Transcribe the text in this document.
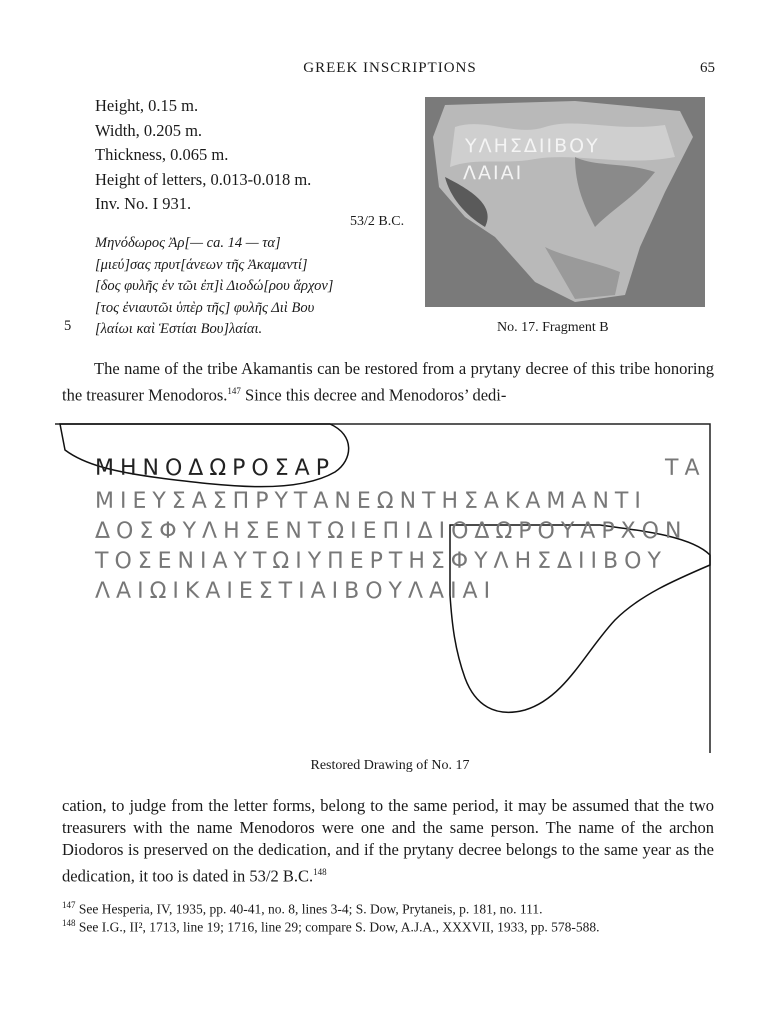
GREEK INSCRIPTIONS	65
Height, 0.15 m.
Width, 0.205 m.
Thickness, 0.065 m.
Height of letters, 0.013-0.018 m.
Inv. No. I 931.
53/2 B.C.
Μηνόδωρος Ἀρ[— ca. 14 — τα]
[μιεύ]σας πρυτ[άνεων τῆς Ἀκαμαντί]
[δος φυλῆς ἐν τῶι ἐπ]ὶ Διοδώ[ρου ἄρχον]
[τος ἐνιαυτῶι ὑπὲρ τῆς] φυλῆς Διὶ Βου
[λαίωι καὶ Ἑστίαι Βου]λαίαι.
5
ΥΛΗΣΔΙΙΒΟΥ
ΛΑΙΑΙ
No. 17. Fragment B
The name of the tribe Akamantis can be restored from a prytany decree of this tribe honoring the treasurer Menodoros.$^{147}$ Since this decree and Menodoros’ dedi-
ΜΗΝΟΔΩΡΟΣΑΡ	ΤΑ
ΜΙΕΥΣΑΣΠΡΥΤΑΝΕΩΝΤΗΣΑΚΑΜΑΝΤΙ
ΔΟΣΦΥΛΗΣΕΝΤΩΙΕΠΙΔΙΟΔΩΡΟΥΑΡΧΟΝ
ΤΟΣΕΝΙΑΥΤΩΙΥΠΕΡΤΗΣΦΥΛΗΣΔΙΙΒΟΥ
ΛΑΙΩΙΚΑΙΕΣΤΙΑΙΒΟΥΛΑΙΑΙ
Restored Drawing of No. 17
cation, to judge from the letter forms, belong to the same period, it may be assumed that the two treasurers with the name Menodoros were one and the same person. The name of the archon Diodoros is preserved on the dedication, and if the prytany decree belongs to the same year as the dedication, it too is dated in 53/2 B.C.$^{148}$
$^{147}$ See Hesperia, IV, 1935, pp. 40-41, no. 8, lines 3-4; S. Dow, Prytaneis, p. 181, no. 111.
$^{148}$ See I.G., II², 1713, line 19; 1716, line 29; compare S. Dow, A.J.A., XXXVII, 1933, pp. 578-588.
